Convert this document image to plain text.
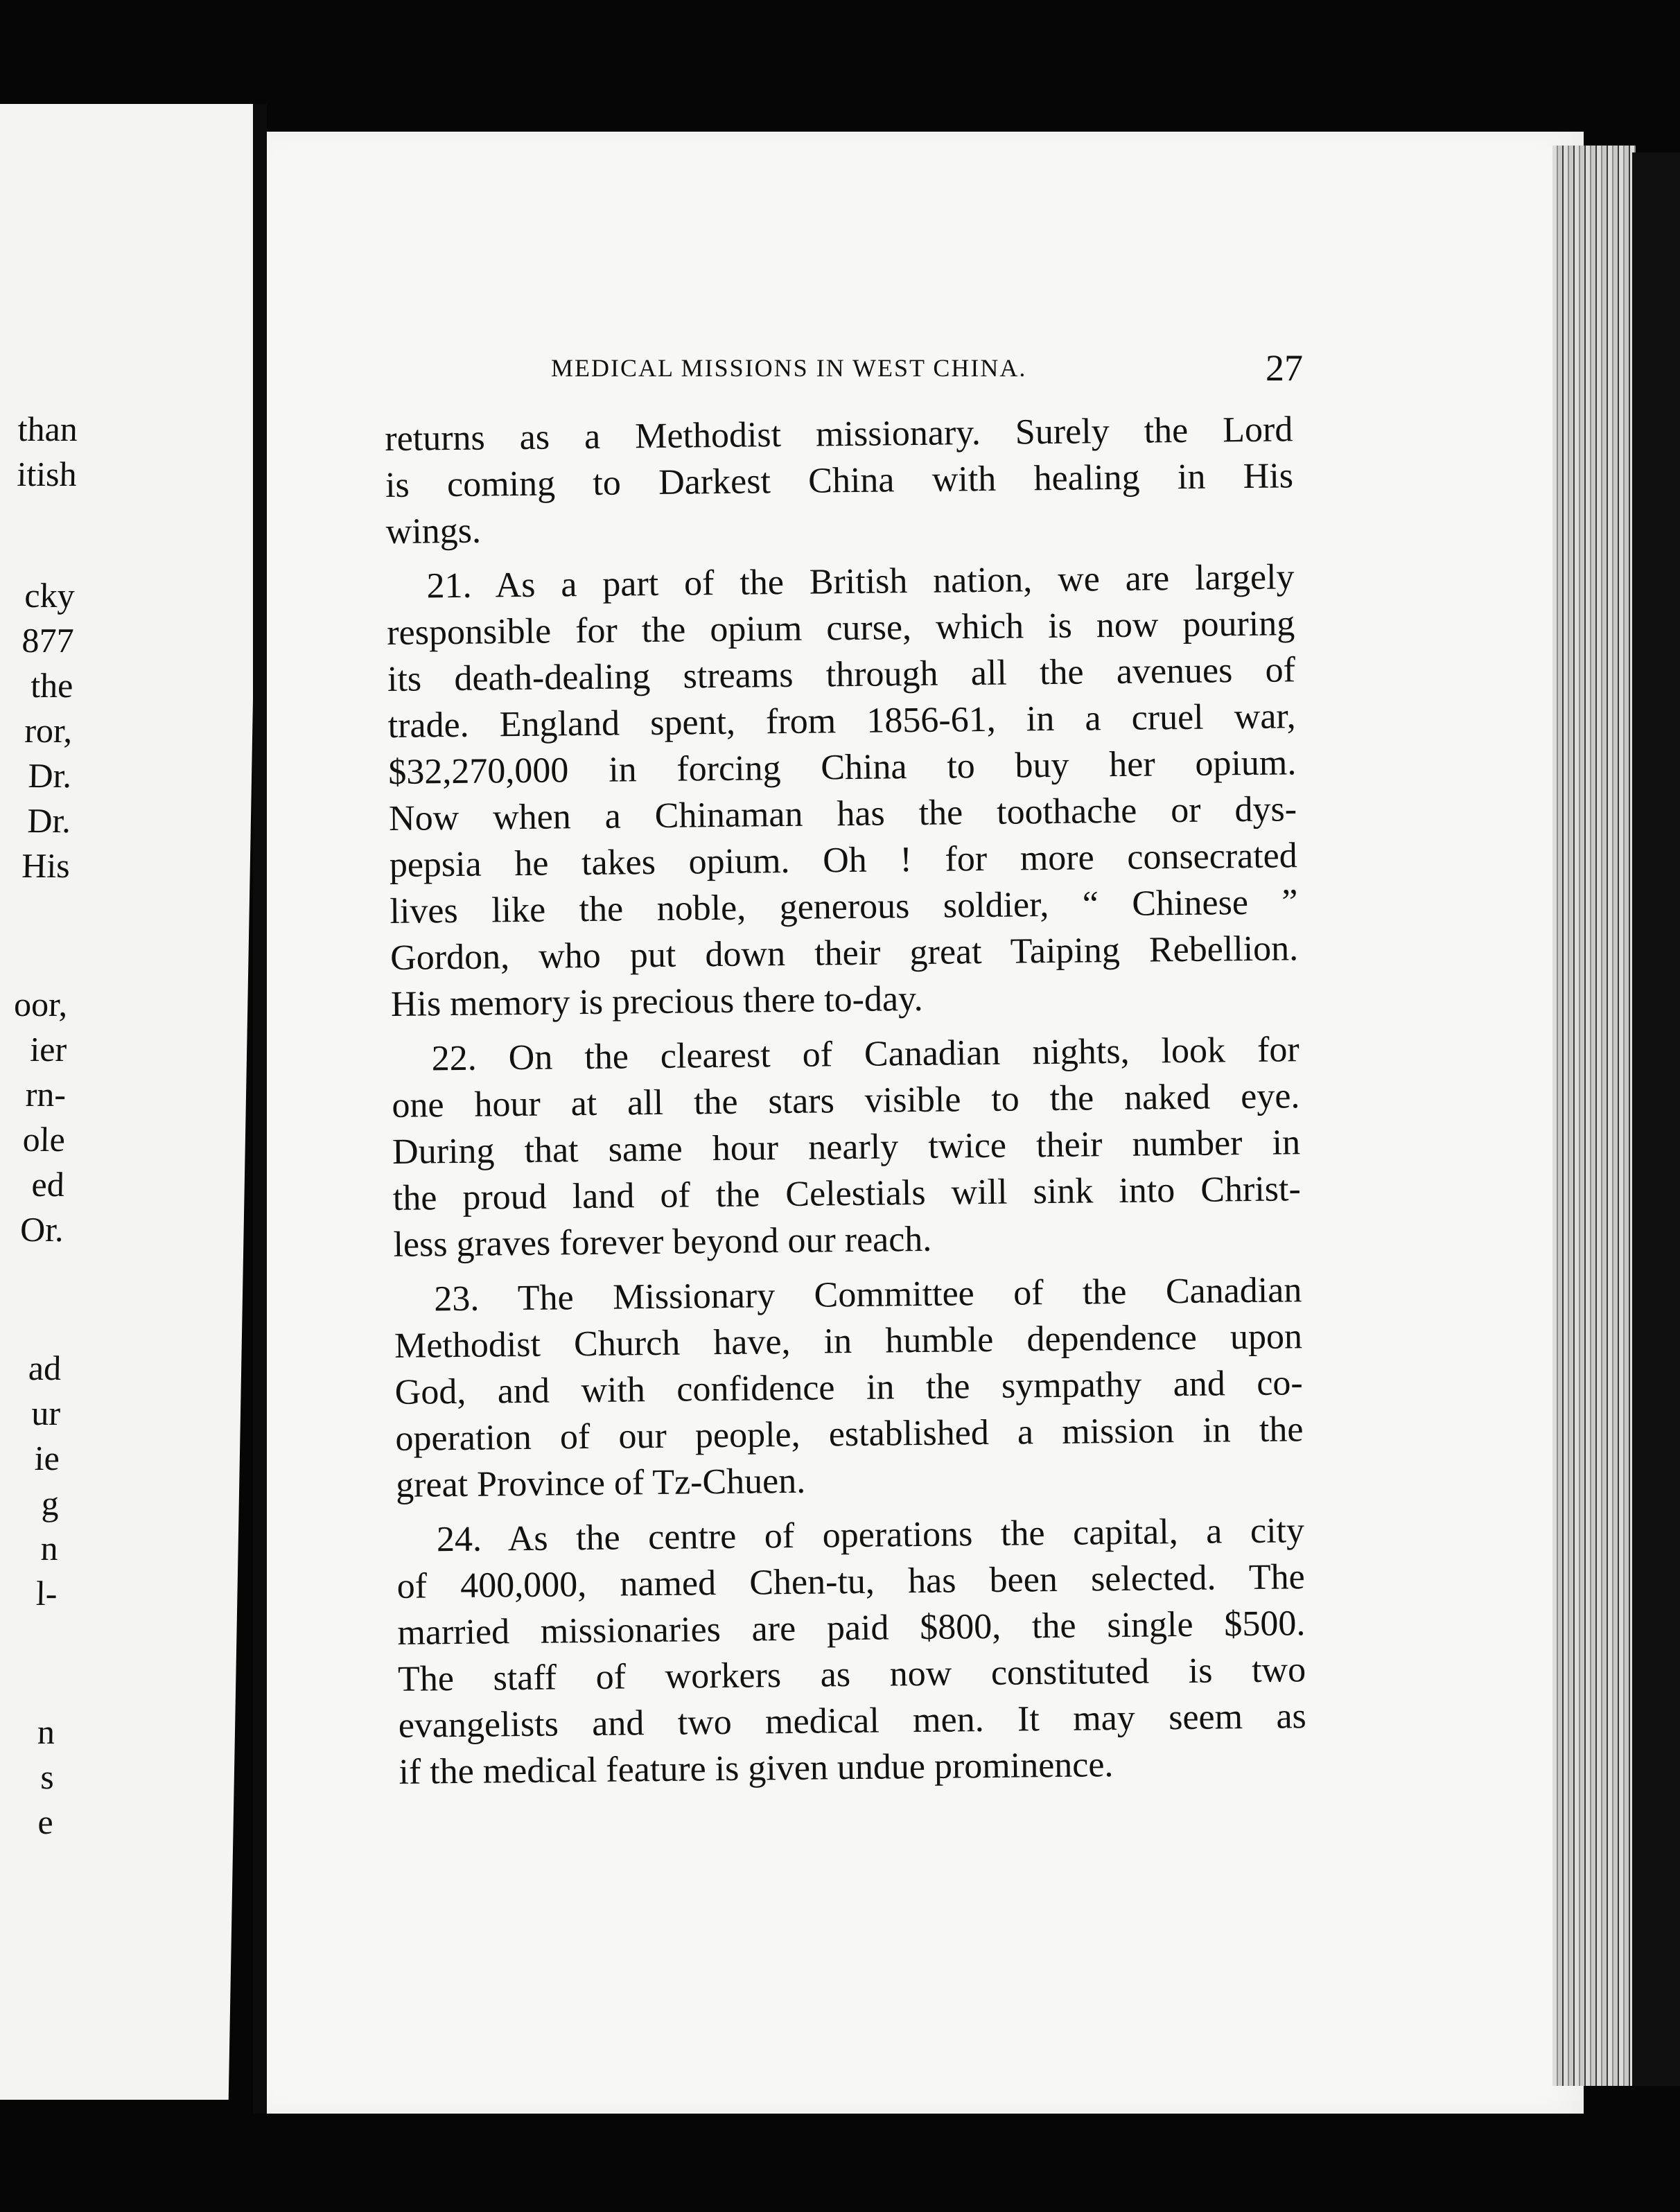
than
itish
cky
877
the
ror,
Dr.
Dr.
His
oor,
ier
rn-
ole
ed
Or.
ad
ur
ie
g
n
l-
n
s
e
MEDICAL MISSIONS IN WEST CHINA.	27
returns as a Methodist missionary. Surely the Lord
is coming to Darkest China with healing in His
wings.
21. As a part of the British nation, we are largely
responsible for the opium curse, which is now pouring
its death-dealing streams through all the avenues of
trade. England spent, from 1856-61, in a cruel war,
$32,270,000 in forcing China to buy her opium.
Now when a Chinaman has the toothache or dys-
pepsia he takes opium. Oh ! for more consecrated
lives like the noble, generous soldier, “ Chinese ”
Gordon, who put down their great Taiping Rebellion.
His memory is precious there to-day.
22. On the clearest of Canadian nights, look for
one hour at all the stars visible to the naked eye.
During that same hour nearly twice their number in
the proud land of the Celestials will sink into Christ-
less graves forever beyond our reach.
23. The Missionary Committee of the Canadian
Methodist Church have, in humble dependence upon
God, and with confidence in the sympathy and co-
operation of our people, established a mission in the
great Province of Tz-Chuen.
24. As the centre of operations the capital, a city
of 400,000, named Chen-tu, has been selected. The
married missionaries are paid $800, the single $500.
The staff of workers as now constituted is two
evangelists and two medical men. It may seem as
if the medical feature is given undue prominence.
